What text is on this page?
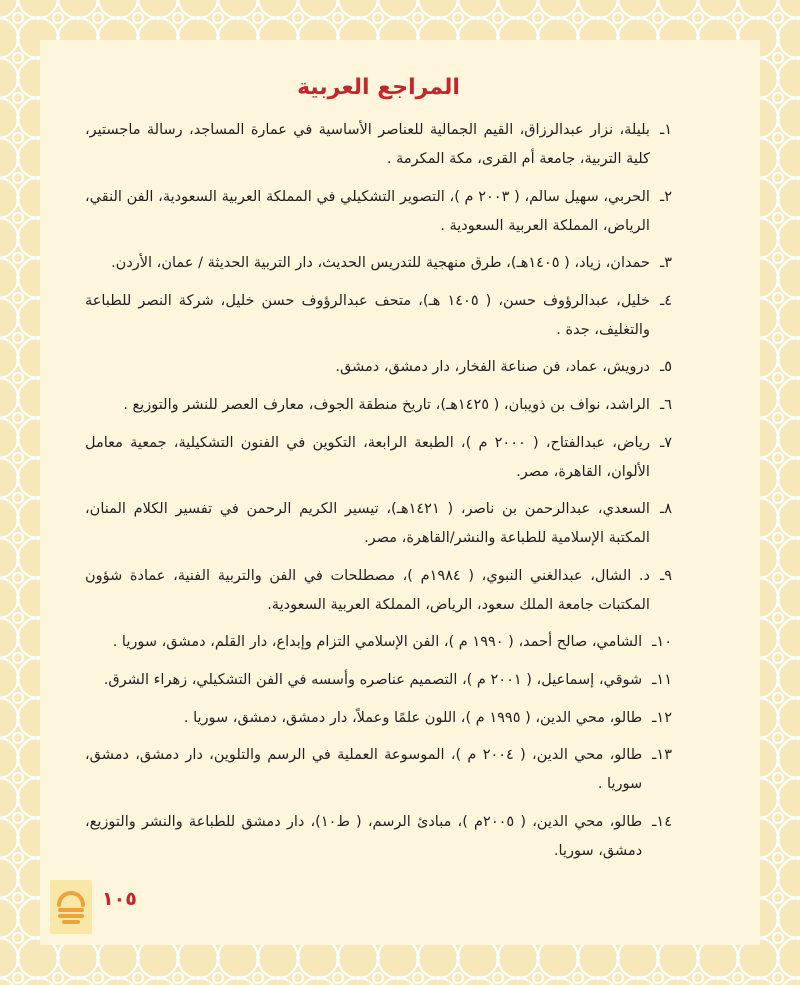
المراجع العربية
١ـ
بليلة، نزار عبدالرزاق، القيم الجمالية للعناصر الأساسية في عمارة المساجد، رسالة ماجستير، كلية التربية، جامعة أم القرى، مكة المكرمة .
٢ـ
الحربي، سهيل سالم، ( ٢٠٠٣ م )، التصوير التشكيلي في المملكة العربية السعودية، الفن النقي، الرياض، المملكة العربية السعودية .
٣ـ
حمدان، زياد، ( ١٤٠٥هـ)، طرق منهجية للتدريس الحديث، دار التربية الحديثة / عمان، الأردن.
٤ـ
خليل، عبدالرؤوف حسن، ( ١٤٠٥ هـ)، متحف عبدالرؤوف حسن خليل، شركة النصر للطباعة والتغليف، جدة .
٥ـ
درويش، عماد، فن صناعة الفخار، دار دمشق، دمشق.
٦ـ
الراشد، نواف بن ذويبان، ( ١٤٢٥هـ)، تاريخ منطقة الجوف، معارف العصر للنشر والتوزيع .
٧ـ
رياض، عبدالفتاح، ( ٢٠٠٠ م )، الطبعة الرابعة، التكوين في الفنون التشكيلية، جمعية معامل الألوان، القاهرة، مصر.
٨ـ
السعدي، عبدالرحمن بن ناصر، ( ١٤٢١هـ)، تيسير الكريم الرحمن في تفسير الكلام المنان، المكتبة الإسلامية للطباعة والنشر/القاهرة، مصر.
٩ـ
د. الشال، عبدالغني النبوي، ( ١٩٨٤م )، مصطلحات في الفن والتربية الفنية، عمادة شؤون المكتبات جامعة الملك سعود، الرياض، المملكة العربية السعودية.
١٠ـ
الشامي، صالح أحمد، ( ١٩٩٠ م )، الفن الإسلامي التزام وإبداع، دار القلم، دمشق، سوريا .
١١ـ
شوقي، إسماعيل، ( ٢٠٠١ م )، التصميم عناصره وأسسه في الفن التشكيلي، زهراء الشرق.
١٢ـ
طالو، محي الدين، ( ١٩٩٥ م )، اللون علمًا وعملاً، دار دمشق، دمشق، سوريا .
١٣ـ
طالو، محي الدين، ( ٢٠٠٤ م )، الموسوعة العملية في الرسم والتلوين، دار دمشق، دمشق، سوريا .
١٤ـ
طالو، محي الدين، ( ٢٠٠٥م )، مبادئ الرسم، ( ط١٠)، دار دمشق للطباعة والنشر والتوزيع، دمشق، سوريا.
١٠٥
